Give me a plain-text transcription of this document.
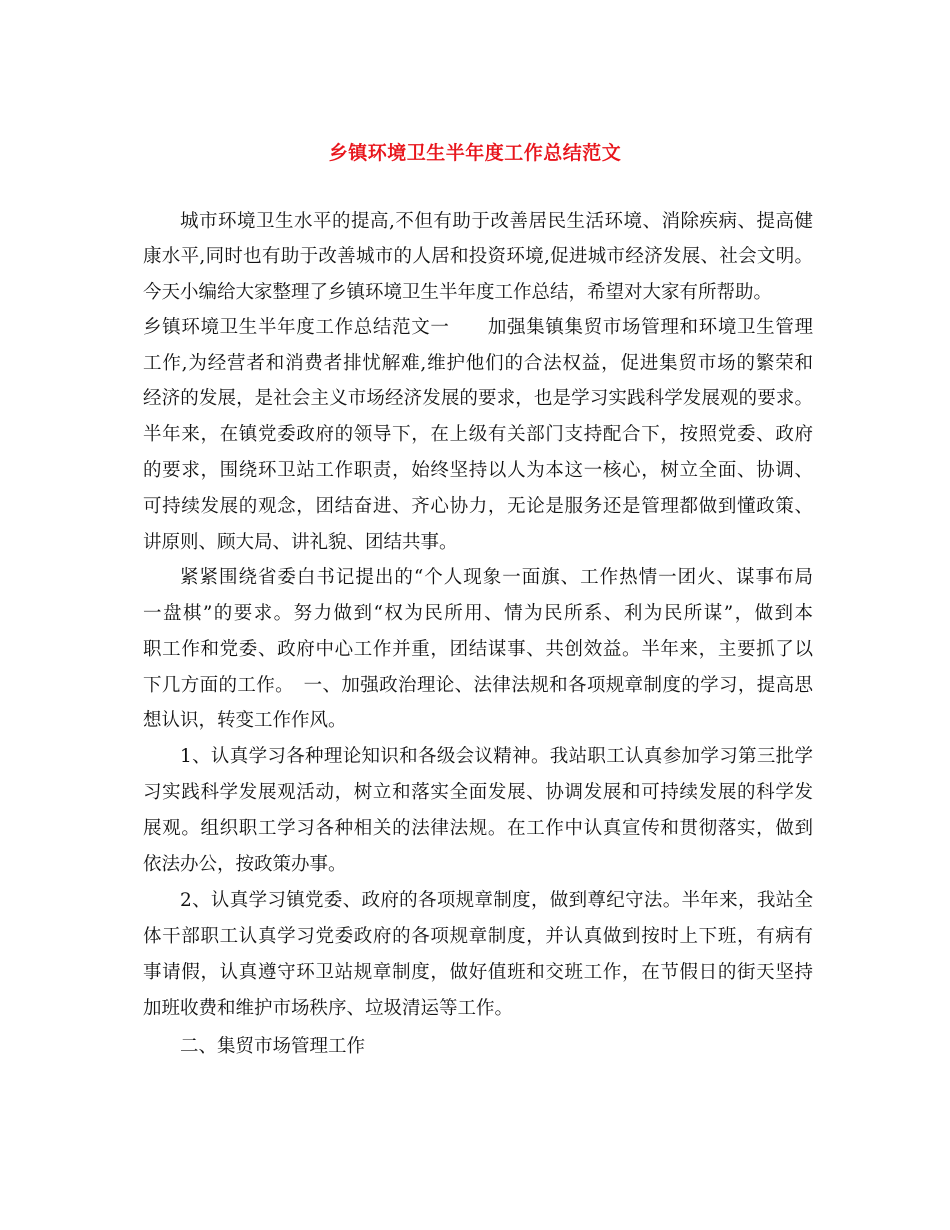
乡镇环境卫生半年度工作总结范文

城市环境卫生水平的提高,不但有助于改善居民生活环境、消除疾病、提高健

康水平,同时也有助于改善城市的人居和投资环境,促进城市经济发展、社会文明。

今天小编给大家整理了乡镇环境卫生半年度工作总结，希望对大家有所帮助。

乡镇环境卫生半年度工作总结范文一　　加强集镇集贸市场管理和环境卫生管理

工作,为经营者和消费者排忧解难,维护他们的合法权益，促进集贸市场的繁荣和

经济的发展，是社会主义市场经济发展的要求，也是学习实践科学发展观的要求。

半年来，在镇党委政府的领导下，在上级有关部门支持配合下，按照党委、政府

的要求，围绕环卫站工作职责，始终坚持以人为本这一核心，树立全面、协调、

可持续发展的观念，团结奋进、齐心协力，无论是服务还是管理都做到懂政策、

讲原则、顾大局、讲礼貌、团结共事。

紧紧围绕省委白书记提出的“个人现象一面旗、工作热情一团火、谋事布局

一盘棋”的要求。努力做到“权为民所用、情为民所系、利为民所谋”，做到本

职工作和党委、政府中心工作并重，团结谋事、共创效益。半年来，主要抓了以

下几方面的工作。　一、加强政治理论、法律法规和各项规章制度的学习，提高思

想认识，转变工作作风。

1、认真学习各种理论知识和各级会议精神。我站职工认真参加学习第三批学

习实践科学发展观活动，树立和落实全面发展、协调发展和可持续发展的科学发

展观。组织职工学习各种相关的法律法规。在工作中认真宣传和贯彻落实，做到

依法办公，按政策办事。

2、认真学习镇党委、政府的各项规章制度，做到尊纪守法。半年来，我站全

体干部职工认真学习党委政府的各项规章制度，并认真做到按时上下班，有病有

事请假，认真遵守环卫站规章制度，做好值班和交班工作，在节假日的街天坚持

加班收费和维护市场秩序、垃圾清运等工作。

二、集贸市场管理工作
